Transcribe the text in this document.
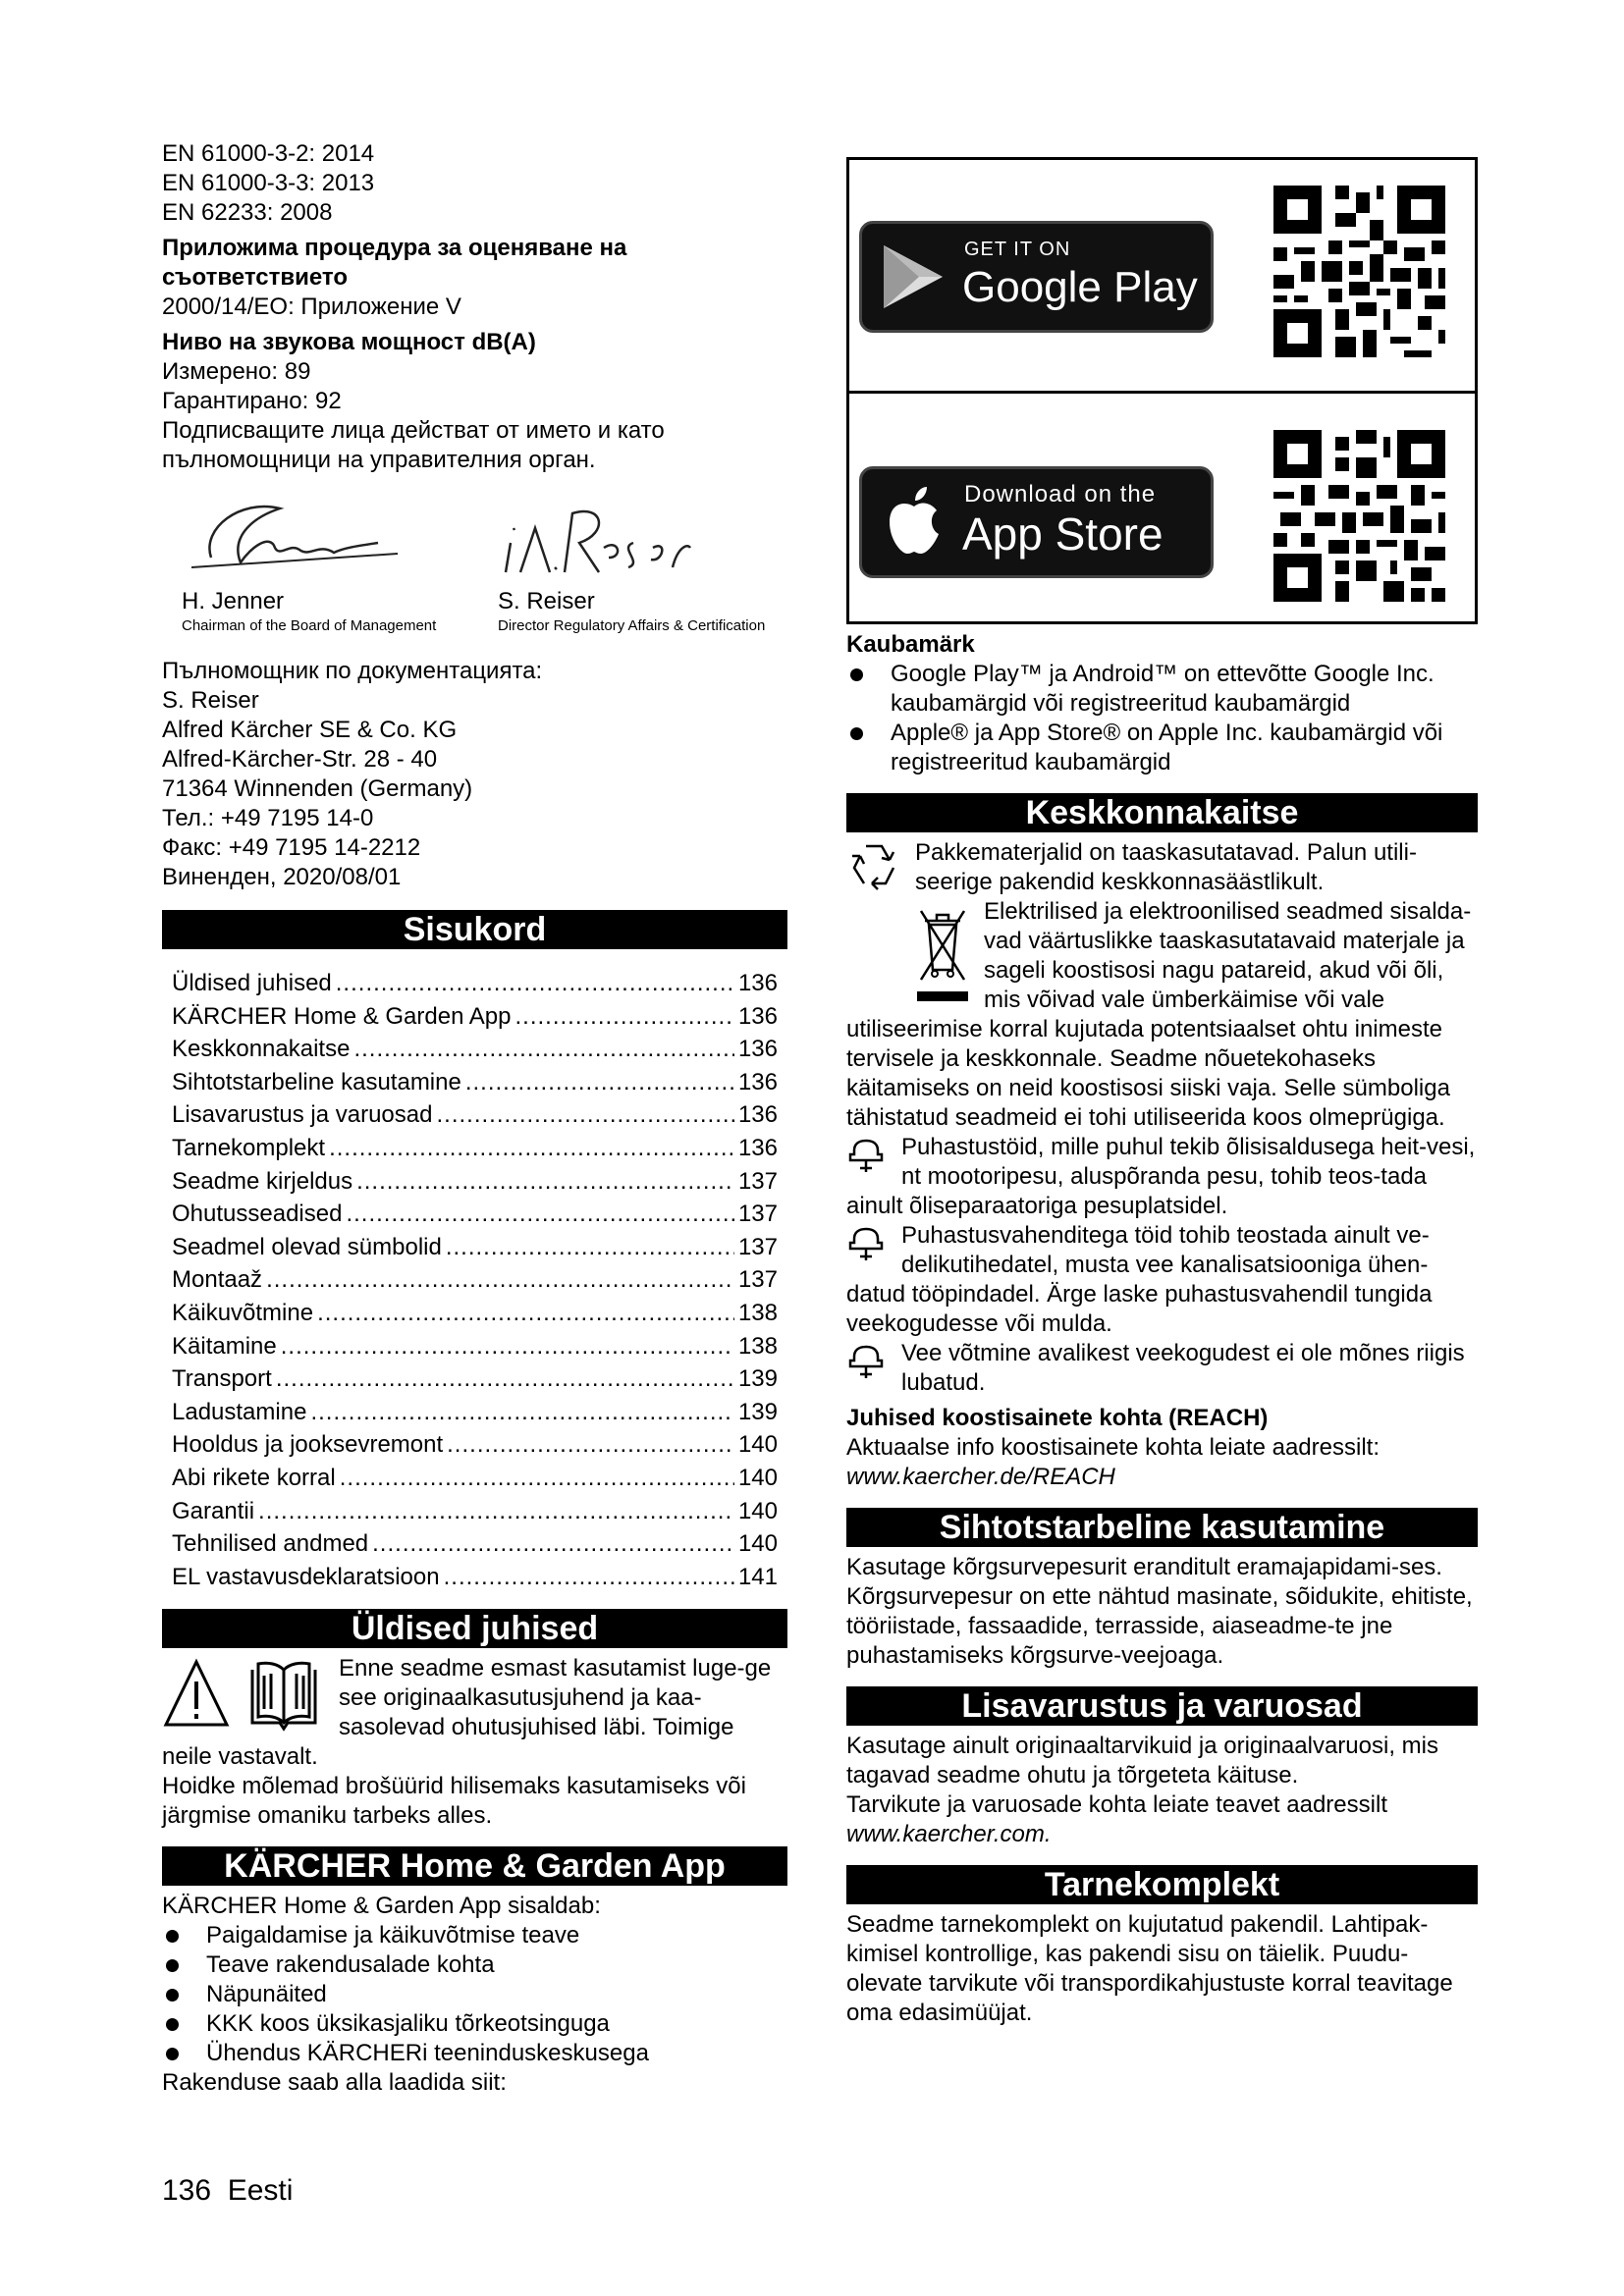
EN 61000-3-2: 2014

EN 61000-3-3: 2013

EN 62233: 2008

Приложима процедура за оценяване на съответствието

2000/14/EO: Приложение V

Ниво на звукова мощност dB(A)

Измерено: 89

Гарантирано: 92

Подписващите лица действат от името и като пълномощници на управителния орган.

H. Jenner

Chairman of the Board of Management

S. Reiser

Director Regulatory Affairs & Certification

Пълномощник по документацията:

S. Reiser

Alfred Kärcher SE & Co. KG

Alfred-Kärcher-Str. 28 - 40

71364 Winnenden (Germany)

Тел.: +49 7195 14-0

Факс: +49 7195 14-2212

Виненден, 2020/08/01

Sisukord
Üldised juhised .....	136
KÄRCHER Home & Garden App .....	136
Keskkonnakaitse .....	136
Sihtotstarbeline kasutamine .....	136
Lisavarustus ja varuosad .....	136
Tarnekomplekt .....	136
Seadme kirjeldus .....	137
Ohutusseadised .....	137
Seadmel olevad sümbolid .....	137
Montaaž .....	137
Käikuvõtmine .....	138
Käitamine .....	138
Transport .....	139
Ladustamine .....	139
Hooldus ja jooksevremont .....	140
Abi rikete korral .....	140
Garantii .....	140
Tehnilised andmed .....	140
EL vastavusdeklaratsioon .....	141
Üldised juhised

Enne seadme esmast kasutamist luge-ge see originaalkasutusjuhend ja kaa-sasolevad ohutusjuhised läbi. Toimige neile vastavalt.

Hoidke mõlemad brošüürid hilisemaks kasutamiseks või järgmise omaniku tarbeks alles.

KÄRCHER Home & Garden App

KÄRCHER Home & Garden App sisaldab:

Paigaldamise ja käikuvõtmise teave
Teave rakendusalade kohta
Näpunäited
KKK koos üksikasjaliku tõrkeotsinguga
Ühendus KÄRCHERi teeninduskeskusega

Rakenduse saab alla laadida siit:

GET IT ON
Google Play
Download on the
App Store

Kaubamärk

Google Play™ ja Android™ on ettevõtte Google Inc. kaubamärgid või registreeritud kaubamärgid
Apple® ja App Store® on Apple Inc. kaubamärgid või registreeritud kaubamärgid
Keskkonnakaitse

Pakkematerjalid on taaskasutatavad. Palun utili-seerige pakendid keskkonnasäästlikult.

Elektrilised ja elektroonilised seadmed sisalda-vad väärtuslikke taaskasutatavaid materjale ja sageli koostisosi nagu patareid, akud või õli, mis võivad vale ümberkäimise või vale utiliseerimise korral kujutada potentsiaalset ohtu inimeste tervisele ja keskkonnale. Seadme nõuetekohaseks käitamiseks on neid koostisosi siiski vaja. Selle sümboliga tähistatud seadmeid ei tohi utiliseerida koos olmeprügiga.

Puhastustöid, mille puhul tekib õlisisaldusega heit-vesi, nt mootoripesu, aluspõranda pesu, tohib teos-tada ainult õliseparaatoriga pesuplatsidel.

Puhastusvahenditega töid tohib teostada ainult ve-delikutihedatel, musta vee kanalisatsiooniga ühen-datud tööpindadel. Ärge laske puhastusvahendil tungida veekogudesse või mulda.

Vee võtmine avalikest veekogudest ei ole mõnes riigis lubatud.

Juhised koostisainete kohta (REACH)

Aktuaalse info koostisainete kohta leiate aadressilt:

www.kaercher.de/REACH

Sihtotstarbeline kasutamine

Kasutage kõrgsurvepesurit eranditult eramajapidami-ses.

Kõrgsurvepesur on ette nähtud masinate, sõidukite, ehitiste, tööriistade, fassaadide, terrasside, aiaseadme-te jne puhastamiseks kõrgsurve-veejoaga.

Lisavarustus ja varuosad

Kasutage ainult originaaltarvikuid ja originaalvaruosi, mis tagavad seadme ohutu ja tõrgeteta käituse.

Tarvikute ja varuosade kohta leiate teavet aadressilt

www.kaercher.com.

Tarnekomplekt

Seadme tarnekomplekt on kujutatud pakendil. Lahtipak-kimisel kontrollige, kas pakendi sisu on täielik. Puudu-olevate tarvikute või transpordikahjustuste korral teavitage oma edasimüüjat.

136 Eesti
